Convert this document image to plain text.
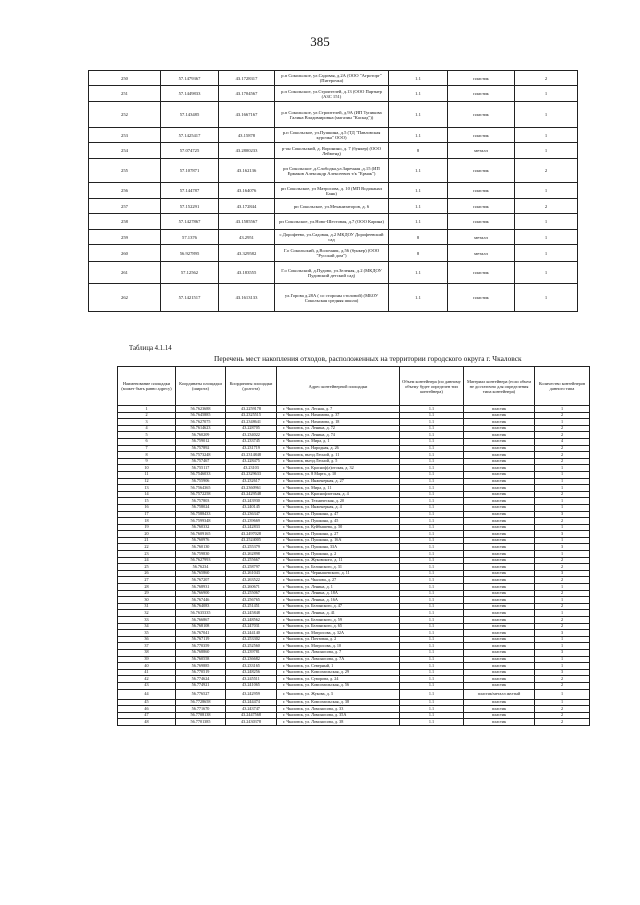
385
250	57.1479367	43.1728317	р.п Сокольское, ул.Садовая, д.2А (ООО "Агроторг" (Пятерочка)	1.1	пластик	2
251	57.1449833	43.1704567	р.п Сокольское, ул.Строителей, д.13 (ООО Партнер (АЗС 151)	1.1	пластик	1
252	57.143485	43.1667167	р.п Сокольское, ул.Строителей, д.9А (ИП Тупикова Галина Владимировна (магазин "Каскад"))	1.1	пластик	1
253	57.1425417	43.15878	р.п Сокольское, ул.Пушкина, д.5 (ТД "Павловская курочка" ООО)	1.1	пластик	1
254	57.074725	43.2800233	р-он Сокольский, д. Воронино, д. 7 (бункер) (ООО Лейменд)	8	металл	1
255	57.107871	43.162136	рп Сокольское ,д.Слободка,ул.Заречная ,д.15 (ИП Ермаков Александр Алексеевич т/к "Ермак")	1.1	пластик	2
256	57.144787	43.164076	рп Сокольское, ул Матросова, д. 10 (МП Водоканал Банк)	1.1	пластик	1
257	57.152291	43.172844	рп Сокольское, ул.Механизаторов, д. 6	1.1	пластик	2
258	57.1427867	43.1585567	рп Сокольское, ул.Ново-Шестовая, д.7 (ООО Карина)	1.1	пластик	1
259	57.1376	43.2951	с.Дорофеево, ул.Садовая, д.2 МКДОУ Дорофеевский сад	8	металл	1
260	56.927895	43.329582	Г.о Сокольский, д.Волочник, д.56 (бункер) (ООО "Русский дом")	8	металл	1
261	57.12562	43.183555	Г.о Сокольский, д.Пудово, ул.Зеленая, д.2 (МКДОУ Пудовский детский сад)	1.1	пластик	1
262	57.1421517	43.1613133	ул.Горова д.28А ( со стороны столовой) (МБОУ Сокольская средняя школа)	1.1	пластик	1
Таблица 4.1.14
Перечень мест накопления отходов, расположенных на территории городского округа г. Чкаловск
Наименование площадки (может быть равно адресу)	Координаты площадки (широта)	Координаты площадки (долгота)	Адрес контейнерной площадки	Объем контейнера (по данному объему будет определен тип контейнера)	Материал контейнера (если объем не достаточно для определения типа контейнера)	Количество контейнеров данного типа
1	56.7623688	43.2259178	г. Чкаловск, ул. Лесная, д. 7	1.1	пластик	1
2	56.7645885	43.2325515	г. Чкаловск, ул. Нахимова, д. 37	1.1	пластик	2
3	56.7627075	43.2348641	г. Чкаловск, ул. Нахимова, д. 18	1.1	пластик	1
4	56.7614623	43.228705	г. Чкаловск, ул. Ленина, д. 72	1.1	пластик	2
5	56.760209	43.234022	г. Чкаловск, ул. Ленина, д. 74	1.1	пластик	2
6	56.759012	43.233745	г. Чкаловск, ул. Мира, д. 1	1.1	пластик	4
7	56.757892	43.231719	г. Чкаловск, ул. Народная, д. 26	1.1	пластик	2
8	56.7573248	43.2314848	г. Чкаловск, въезд Лесной, д. 11	1.1	пластик	2
9	56.757467	43.228475	г. Чкаловск, въезд Лесной, д. 5	1.1	пластик	2
10	56.755117	43.23103	г. Чкаловск, ул. Красноф(л)отская, д. 32	1.1	пластик	1
11	56.7546033	43.2329633	г. Чкаловск, ул. 8 Марта, д. 10	1.1	пластик	1
12	56.755906	43.232617	г. Чкаловск, ул. Инженерная, д. 27	1.1	пластик	1
13	56.7564365	43.2360961	г. Чкаловск, ул. Мира, д. 11	1.1	пластик	1
14	56.7572258	43.2429548	г. Чкаловск, ул. Краснофлотская, д. 4	1.1	пластик	2
15	56.757803	43.243930	г. Чкаловск, ул. Техническая, д. 20	1.1	пластик	1
16	56.758024	43.240145	г. Чкаловск, ул. Инженерная, д. 4	1.1	пластик	1
17	56.7588433	43.236347	г. Чкаловск, ул. Пушкина, д. 47	1.1	пластик	3
18	56.7599348	43.239669	г. Чкаловск, ул. Пушкина, д. 45	1.1	пластик	2
19	56.760332	43.242833	г. Чкаловск, ул. Куйбышева, д. 50	1.1	пластик	1
20	56.7609165	43.2497028	г. Чкаловск, ул. Пушкина, д. 27	1.1	пластик	3
21	56.760976	43.2524005	г. Чкаловск, ул. Пушкина, д. 16А	1.1	пластик	1
22	56.760130	43.255379	г. Чкаловск, ул. Пушкина, 33А	1.1	пластик	3
23	56.759830	43.262898	г. Чкаловск, ул. Пушкина, д. 2	1.1	пластик	1
24	56.7627993	43.255667	г. Чкаловск, ул. Жуковского, д. 11	1.1	пластик	2
25	56.76234	43.258797	г. Чкаловск, ул. Белинского, д. 31	1.1	пластик	2
26	56.765860	43.261043	г. Чкаловск, ул. Чернышевского, д. 11	1.1	пластик	3
27	56.767207	43.263522	г. Чкаловск, ул. Чкалова, д. 27	1.1	пластик	2
28	56.768931	43.260671	г. Чкаловск, ул. Ленина, д. 1	1.1	пластик	1
29	56.766900	43.255067	г. Чкаловск, ул. Ленина, д. 18А	1.1	пластик	2
30	56.767446	43.256765	г. Чкаловск, ул. Ленина, д. 16А	1.1	пластик	1
31	56.764083	43.251451	г. Чкаловск, ул. Белинского, д. 47	1.1	пластик	2
32	56.7635335	43.245848	г. Чкаловск, ул. Ленина, д. 41	1.1	пластик	1
33	56.766867	43.248562	г. Чкаловск, ул. Белинского, д. 59	1.1	пластик	2
34	56.768108	43.247031	г. Чкаловск, ул. Белинского, д. 65	1.1	пластик	2
35	56.767041	43.244140	г. Чкаловск, ул. Матросова, д. 32А	1.1	пластик	3
36	56.767119	43.253302	г. Чкаловск, ул. Почтовая, д. 2	1.1	пластик	1
37	56.770359	43.252560	г. Чкаловск, ул. Матросова, д. 10	1.1	пластик	1
38	56.768860	43.239781	г. Чкаловск, ул. Ломоносова, д. 7	1.1	пластик	3
39	56.760558	43.236682	г. Чкаловск, ул. Ломоносова, д. 7А	1.1	пластик	1
40	56.769885	43.233165	г. Чкаловск, ул. Северный, 1	1.1	пластик	1
41	56.770519	43.248256	г. Чкаловск, ул. Комсомольская, д. 29	1.1	пластик	3
42	56.774624	43.245511	г. Чкаловск, ул. Суворова, д. 24	1.1	пластик	2
43	56.774921	43.241065	г. Чкаловск, ул. Комсомольская, д. 56	1.1	пластик	2
44	56.776527	43.242959	г. Чкаловск, ул. Жукова, д. 3	1.1	пластик/металл желтый	1
45	56.7728658	43.244474	г. Чкаловск, ул. Комсомольская, д. 38	1.1	пластик	1
46	56.771670	43.243747	г. Чкаловск, ул. Ломоносова, д. 33	1.1	пластик	2
47	56.7708138	43.2447568	г. Чкаловск, ул. Ломоносова, д. 35А	1.1	пластик	2
48	56.7701385	43.2430378	г. Чкаловск, ул. Ломоносова, д. 38	1.1	пластик	2
